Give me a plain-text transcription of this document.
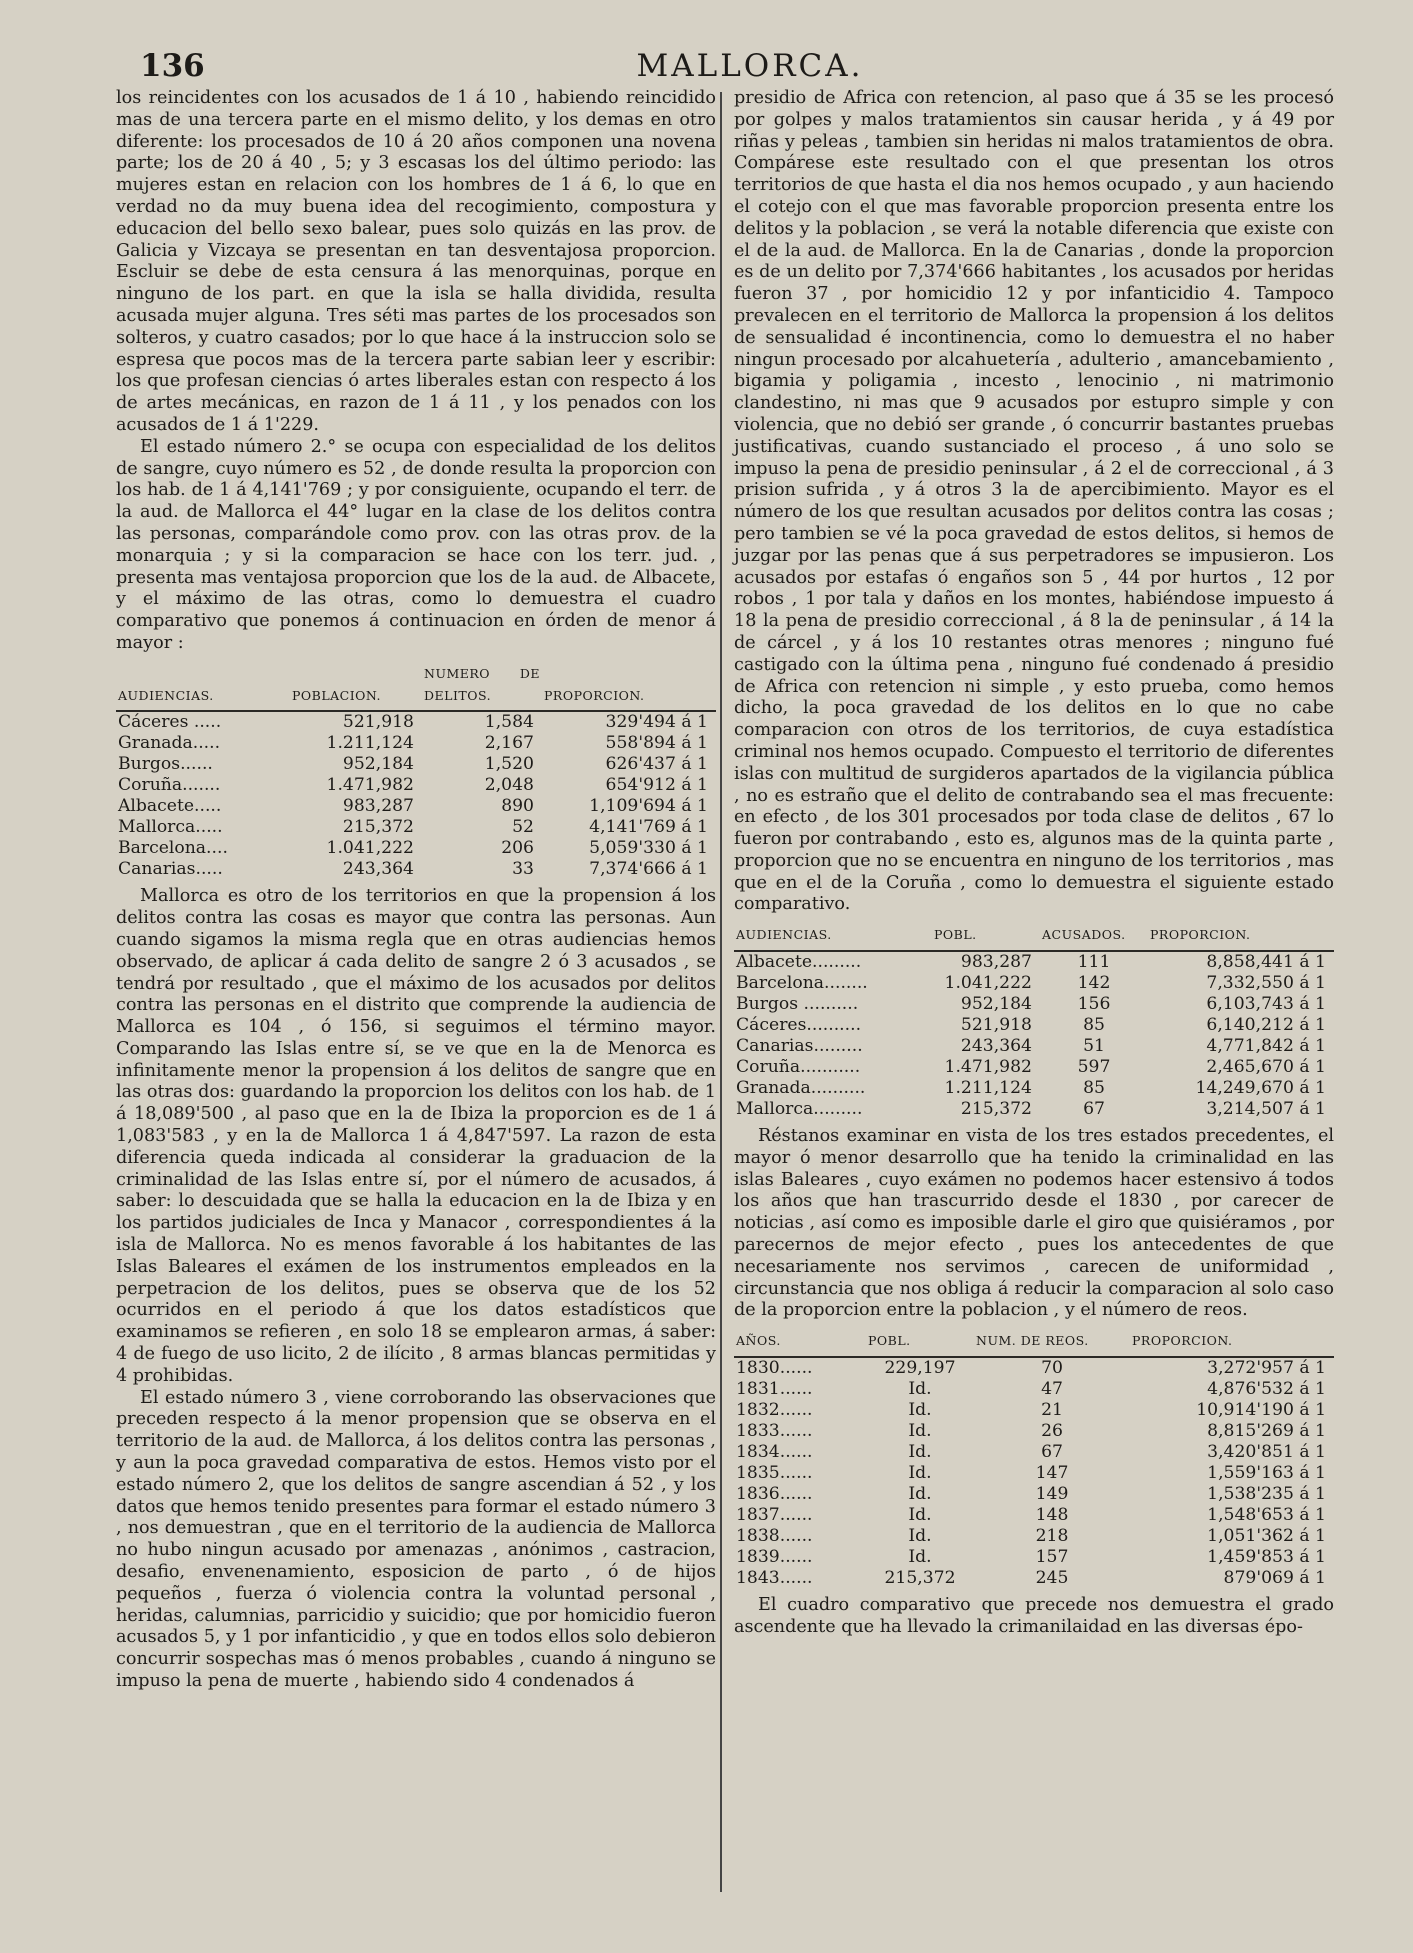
136	MALLORCA.

los reincidentes con los acusados de 1 á 10 , habiendo reincidido mas de una tercera parte en el mismo delito, y los demas en otro diferente: los procesados de 10 á 20 años componen una novena parte; los de 20 á 40 , 5; y 3 escasas los del último periodo: las mujeres estan en relacion con los hombres de 1 á 6, lo que en verdad no da muy buena idea del recogimiento, compostura y educacion del bello sexo balear, pues solo quizás en las prov. de Galicia y Vizcaya se presentan en tan desventajosa proporcion. Escluir se debe de esta censura á las menorquinas, porque en ninguno de los part. en que la isla se halla dividida, resulta acusada mujer alguna. Tres séti mas partes de los procesados son solteros, y cuatro casados; por lo que hace á la instruccion solo se espresa que pocos mas de la tercera parte sabian leer y escribir: los que profesan ciencias ó artes liberales estan con respecto á los de artes mecánicas, en razon de 1 á 11 , y los penados con los acusados de 1 á 1'229.

El estado número 2.° se ocupa con especialidad de los delitos de sangre, cuyo número es 52 , de donde resulta la proporcion con los hab. de 1 á 4,141'769 ; y por consiguiente, ocupando el terr. de la aud. de Mallorca el 44° lugar en la clase de los delitos contra las personas, comparándole como prov. con las otras prov. de la monarquia ; y si la comparacion se hace con los terr. jud. , presenta mas ventajosa proporcion que los de la aud. de Albacete, y el máximo de las otras, como lo demuestra el cuadro comparativo que ponemos á continuacion en órden de menor á mayor :

AUDIENCIAS.	POBLACION.	NUMERO DE DELITOS.	PROPORCION.
Cáceres .....	521,918	1,584	329'494 á 1
Granada.....	1.211,124	2,167	558'894 á 1
Burgos......	952,184	1,520	626'437 á 1
Coruña.......	1.471,982	2,048	654'912 á 1
Albacete.....	983,287	890	1,109'694 á 1
Mallorca.....	215,372	52	4,141'769 á 1
Barcelona....	1.041,222	206	5,059'330 á 1
Canarias.....	243,364	33	7,374'666 á 1

Mallorca es otro de los territorios en que la propension á los delitos contra las cosas es mayor que contra las personas. Aun cuando sigamos la misma regla que en otras audiencias hemos observado, de aplicar á cada delito de sangre 2 ó 3 acusados , se tendrá por resultado , que el máximo de los acusados por delitos contra las personas en el distrito que comprende la audiencia de Mallorca es 104 , ó 156, si seguimos el término mayor. Comparando las Islas entre sí, se ve que en la de Menorca es infinitamente menor la propension á los delitos de sangre que en las otras dos: guardando la proporcion los delitos con los hab. de 1 á 18,089'500 , al paso que en la de Ibiza la proporcion es de 1 á 1,083'583 , y en la de Mallorca 1 á 4,847'597. La razon de esta diferencia queda indicada al considerar la graduacion de la criminalidad de las Islas entre sí, por el número de acusados, á saber: lo descuidada que se halla la educacion en la de Ibiza y en los partidos judiciales de Inca y Manacor , correspondientes á la isla de Mallorca. No es menos favorable á los habitantes de las Islas Baleares el exámen de los instrumentos empleados en la perpetracion de los delitos, pues se observa que de los 52 ocurridos en el periodo á que los datos estadísticos que examinamos se refieren , en solo 18 se emplearon armas, á saber: 4 de fuego de uso licito, 2 de ilícito , 8 armas blancas permitidas y 4 prohibidas.

El estado número 3 , viene corroborando las observaciones que preceden respecto á la menor propension que se observa en el territorio de la aud. de Mallorca, á los delitos contra las personas , y aun la poca gravedad comparativa de estos. Hemos visto por el estado número 2, que los delitos de sangre ascendian á 52 , y los datos que hemos tenido presentes para formar el estado número 3 , nos demuestran , que en el territorio de la audiencia de Mallorca no hubo ningun acusado por amenazas , anónimos , castracion, desafio, envenenamiento, esposicion de parto , ó de hijos pequeños , fuerza ó violencia contra la voluntad personal , heridas, calumnias, parricidio y suicidio; que por homicidio fueron acusados 5, y 1 por infanticidio , y que en todos ellos solo debieron concurrir sospechas mas ó menos probables , cuando á ninguno se impuso la pena de muerte , habiendo sido 4 condenados á

presidio de Africa con retencion, al paso que á 35 se les procesó por golpes y malos tratamientos sin causar herida , y á 49 por riñas y peleas , tambien sin heridas ni malos tratamientos de obra. Compárese este resultado con el que presentan los otros territorios de que hasta el dia nos hemos ocupado , y aun haciendo el cotejo con el que mas favorable proporcion presenta entre los delitos y la poblacion , se verá la notable diferencia que existe con el de la aud. de Mallorca. En la de Canarias , donde la proporcion es de un delito por 7,374'666 habitantes , los acusados por heridas fueron 37 , por homicidio 12 y por infanticidio 4. Tampoco prevalecen en el territorio de Mallorca la propension á los delitos de sensualidad é incontinencia, como lo demuestra el no haber ningun procesado por alcahuetería , adulterio , amancebamiento , bigamia y poligamia , incesto , lenocinio , ni matrimonio clandestino, ni mas que 9 acusados por estupro simple y con violencia, que no debió ser grande , ó concurrir bastantes pruebas justificativas, cuando sustanciado el proceso , á uno solo se impuso la pena de presidio peninsular , á 2 el de correccional , á 3 prision sufrida , y á otros 3 la de apercibimiento. Mayor es el número de los que resultan acusados por delitos contra las cosas ; pero tambien se vé la poca gravedad de estos delitos, si hemos de juzgar por las penas que á sus perpetradores se impusieron. Los acusados por estafas ó engaños son 5 , 44 por hurtos , 12 por robos , 1 por tala y daños en los montes, habiéndose impuesto á 18 la pena de presidio correccional , á 8 la de peninsular , á 14 la de cárcel , y á los 10 restantes otras menores ; ninguno fué castigado con la última pena , ninguno fué condenado á presidio de Africa con retencion ni simple , y esto prueba, como hemos dicho, la poca gravedad de los delitos en lo que no cabe comparacion con otros de los territorios, de cuya estadística criminal nos hemos ocupado. Compuesto el territorio de diferentes islas con multitud de surgideros apartados de la vigilancia pública , no es estraño que el delito de contrabando sea el mas frecuente: en efecto , de los 301 procesados por toda clase de delitos , 67 lo fueron por contrabando , esto es, algunos mas de la quinta parte , proporcion que no se encuentra en ninguno de los territorios , mas que en el de la Coruña , como lo demuestra el siguiente estado comparativo.

AUDIENCIAS.	POBL.	ACUSADOS.	PROPORCION.
Albacete.........	983,287	111	8,858,441 á 1
Barcelona........	1.041,222	142	7,332,550 á 1
Burgos ..........	952,184	156	6,103,743 á 1
Cáceres..........	521,918	85	6,140,212 á 1
Canarias.........	243,364	51	4,771,842 á 1
Coruña...........	1.471,982	597	2,465,670 á 1
Granada..........	1.211,124	85	14,249,670 á 1
Mallorca.........	215,372	67	3,214,507 á 1

Réstanos examinar en vista de los tres estados precedentes, el mayor ó menor desarrollo que ha tenido la criminalidad en las islas Baleares , cuyo exámen no podemos hacer estensivo á todos los años que han trascurrido desde el 1830 , por carecer de noticias , así como es imposible darle el giro que quisiéramos , por parecernos de mejor efecto , pues los antecedentes de que necesariamente nos servimos , carecen de uniformidad , circunstancia que nos obliga á reducir la comparacion al solo caso de la proporcion entre la poblacion , y el número de reos.

AÑOS.	POBL.	NUM. DE REOS.	PROPORCION.
1830......	229,197	70	3,272'957 á 1
1831......	Id.	47	4,876'532 á 1
1832......	Id.	21	10,914'190 á 1
1833......	Id.	26	8,815'269 á 1
1834......	Id.	67	3,420'851 á 1
1835......	Id.	147	1,559'163 á 1
1836......	Id.	149	1,538'235 á 1
1837......	Id.	148	1,548'653 á 1
1838......	Id.	218	1,051'362 á 1
1839......	Id.	157	1,459'853 á 1
1843......	215,372	245	879'069 á 1

El cuadro comparativo que precede nos demuestra el grado ascendente que ha llevado la crimanilaidad en las diversas épo-
